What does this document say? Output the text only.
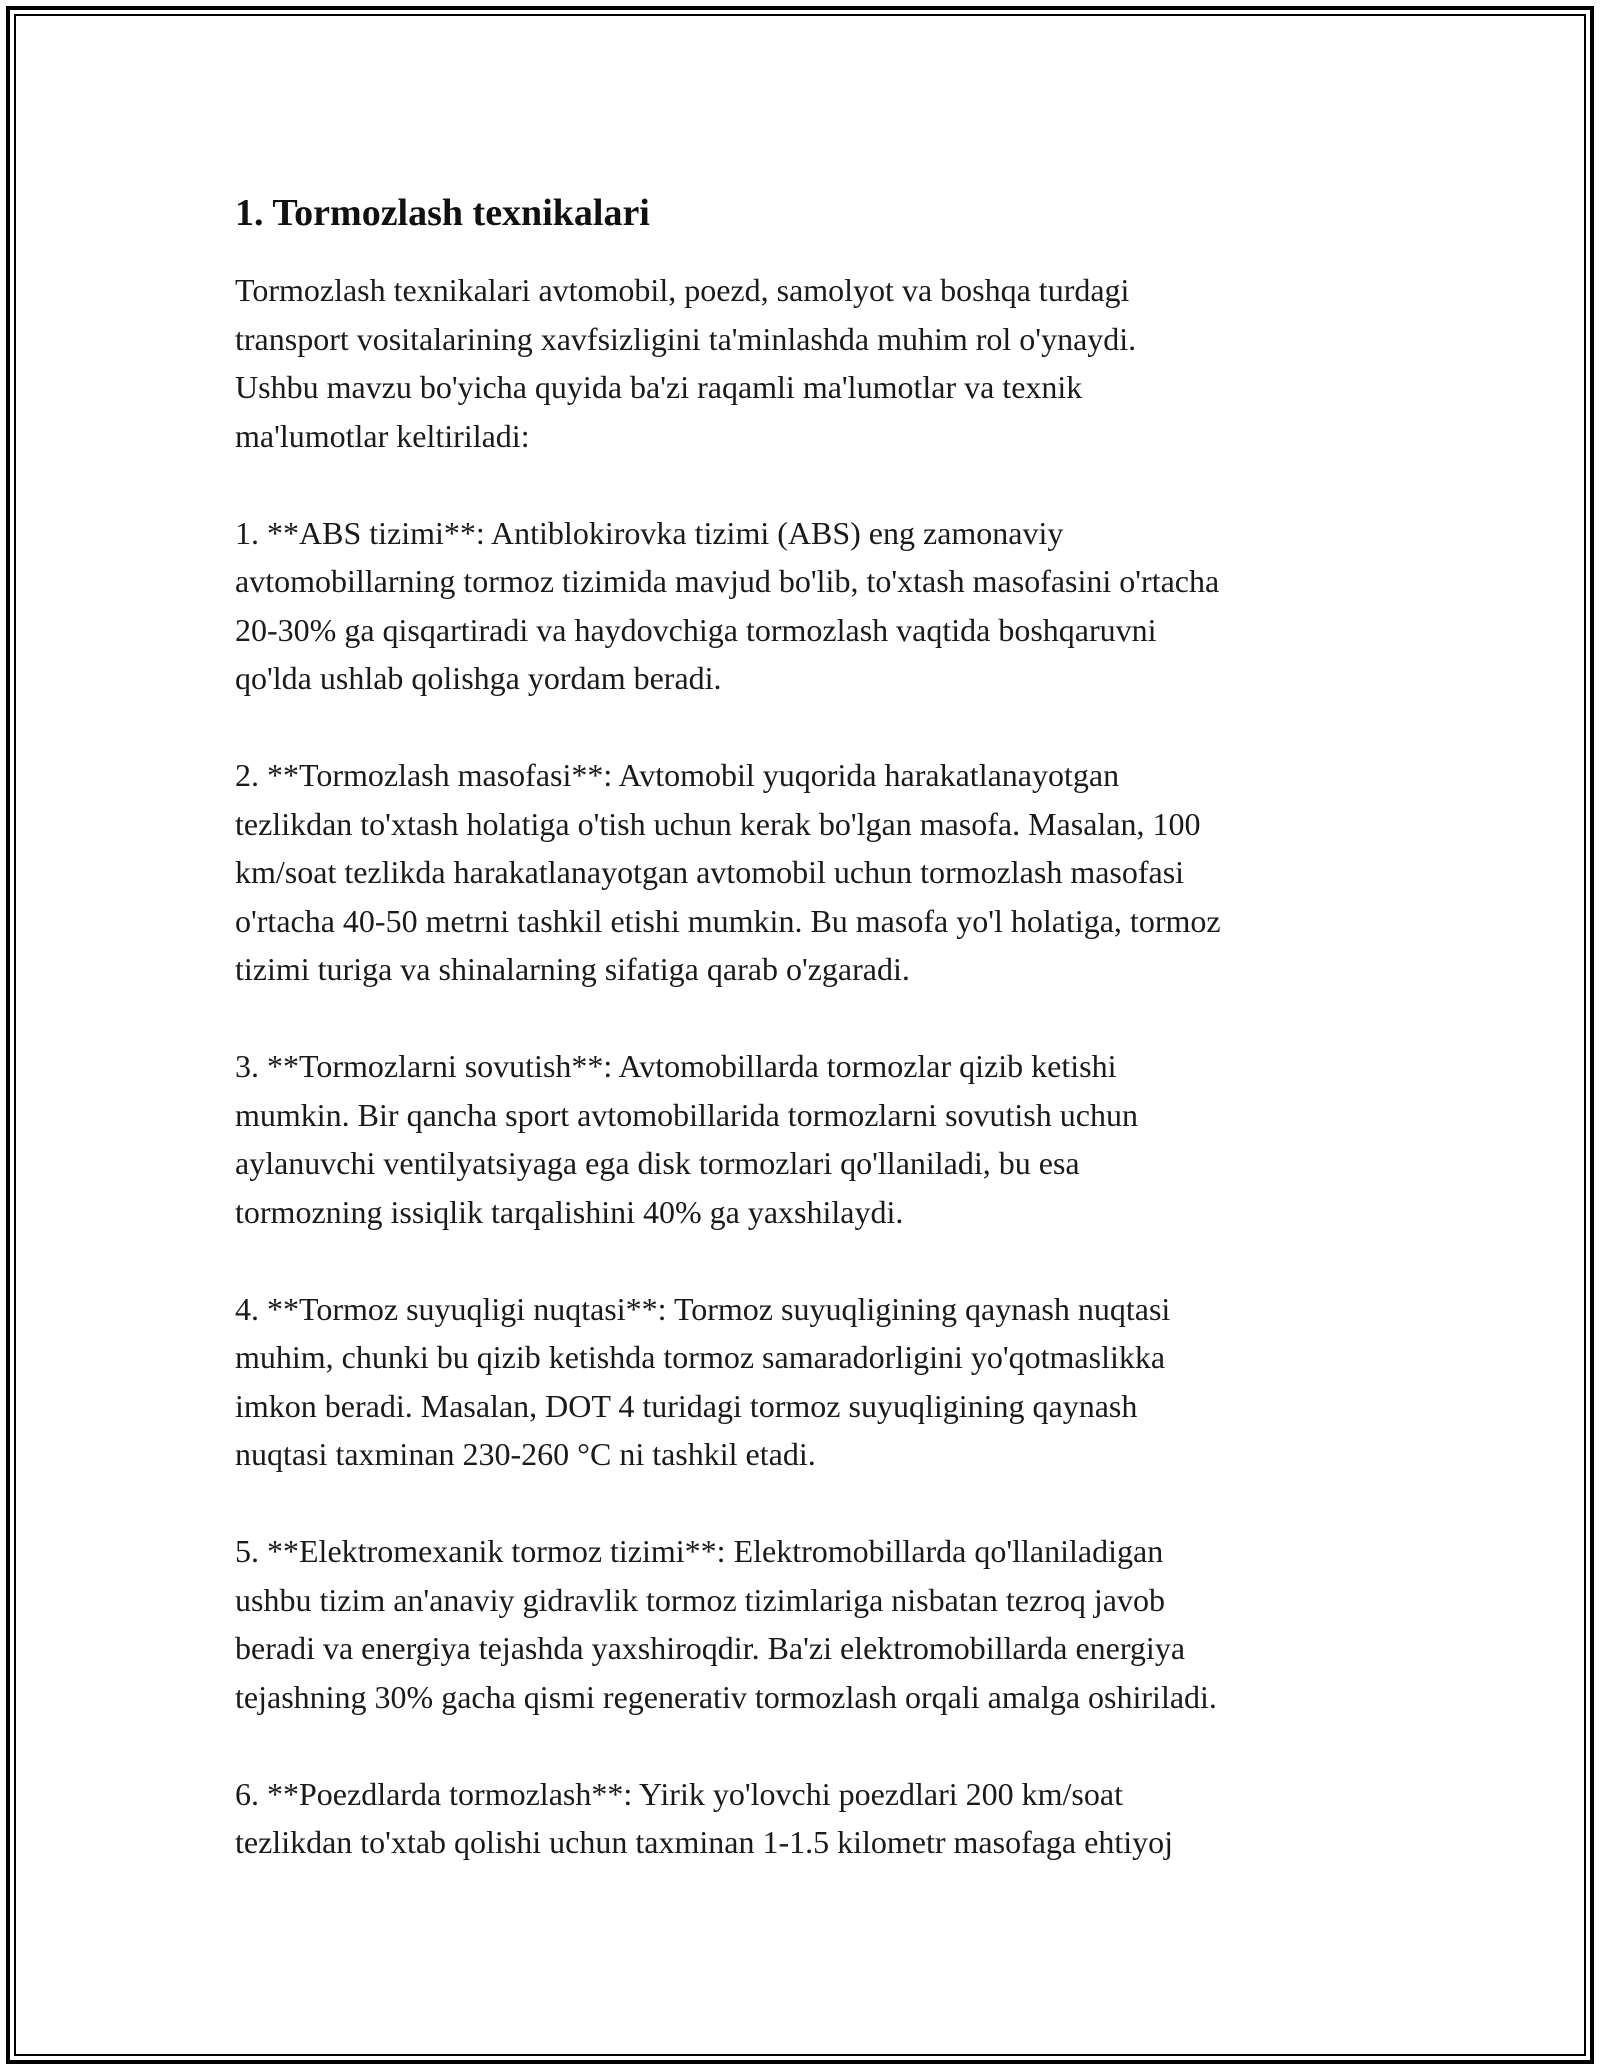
1. Tormozlash texnikalari

Tormozlash texnikalari avtomobil, poezd, samolyot va boshqa turdagi
transport vositalarining xavfsizligini ta'minlashda muhim rol o'ynaydi.
Ushbu mavzu bo'yicha quyida ba'zi raqamli ma'lumotlar va texnik
ma'lumotlar keltiriladi:

1. **ABS tizimi**: Antiblokirovka tizimi (ABS) eng zamonaviy
avtomobillarning tormoz tizimida mavjud bo'lib, to'xtash masofasini o'rtacha
20-30% ga qisqartiradi va haydovchiga tormozlash vaqtida boshqaruvni
qo'lda ushlab qolishga yordam beradi.

2. **Tormozlash masofasi**: Avtomobil yuqorida harakatlanayotgan
tezlikdan to'xtash holatiga o'tish uchun kerak bo'lgan masofa. Masalan, 100
km/soat tezlikda harakatlanayotgan avtomobil uchun tormozlash masofasi
o'rtacha 40-50 metrni tashkil etishi mumkin. Bu masofa yo'l holatiga, tormoz
tizimi turiga va shinalarning sifatiga qarab o'zgaradi.

3. **Tormozlarni sovutish**: Avtomobillarda tormozlar qizib ketishi
mumkin. Bir qancha sport avtomobillarida tormozlarni sovutish uchun
aylanuvchi ventilyatsiyaga ega disk tormozlari qo'llaniladi, bu esa
tormozning issiqlik tarqalishini 40% ga yaxshilaydi.

4. **Tormoz suyuqligi nuqtasi**: Tormoz suyuqligining qaynash nuqtasi
muhim, chunki bu qizib ketishda tormoz samaradorligini yo'qotmaslikka
imkon beradi. Masalan, DOT 4 turidagi tormoz suyuqligining qaynash
nuqtasi taxminan 230-260 °C ni tashkil etadi.

5. **Elektromexanik tormoz tizimi**: Elektromobillarda qo'llaniladigan
ushbu tizim an'anaviy gidravlik tormoz tizimlariga nisbatan tezroq javob
beradi va energiya tejashda yaxshiroqdir. Ba'zi elektromobillarda energiya
tejashning 30% gacha qismi regenerativ tormozlash orqali amalga oshiriladi.

6. **Poezdlarda tormozlash**: Yirik yo'lovchi poezdlari 200 km/soat
tezlikdan to'xtab qolishi uchun taxminan 1-1.5 kilometr masofaga ehtiyoj
